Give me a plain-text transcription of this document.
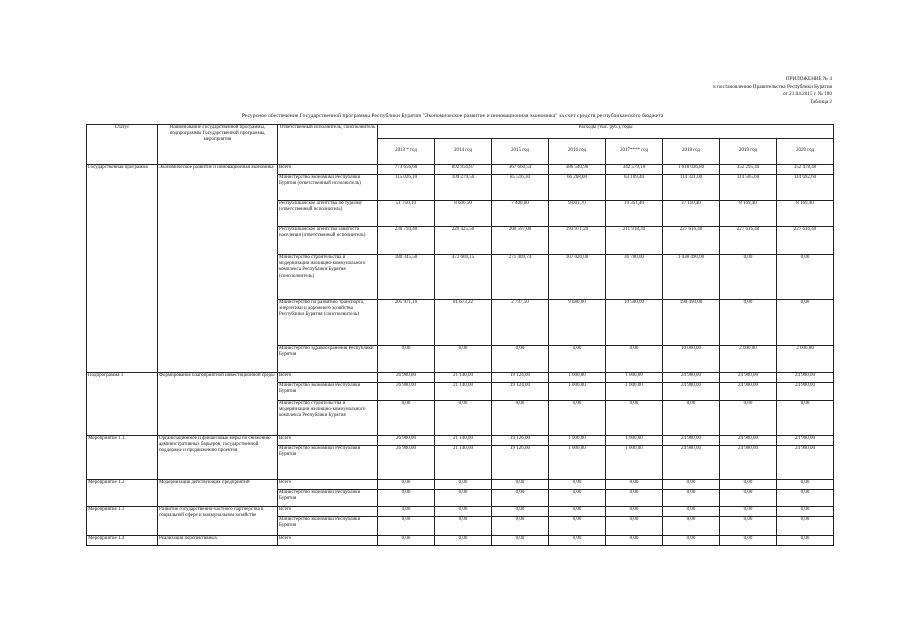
ПРИЛОЖЕНИЕ № 4
к постановлению Правительства Республики Бурятия
от 21.04.2015 г. № 180
Таблица 2
Ресурсное обеспечение Государственной программы Республики Бурятия "Экономическое развитие и инновационная экономика" за счет средств республиканского бюджета
Статус	Наименование Государственной программы, подпрограммы Государственной программы, мероприятия	Ответственный исполнитель, соисполнитель	Расходы (тыс. руб.), годы							
			2013 * год	2014 год	2015 год	2016 год	2017**** год	2018 год	2019 год	2020 год
Государственная программа	Экономическое развитие и инновационная экономика	Всего	773 656,60	892 956,87	367 660,54	386 540,90	342 579,10	1 618 036,80	352 295,40	352 478,40
		Министерство экономики Республики Бурятия (ответственный исполнитель)	115 026,10	109 279,50	85 516,30	66 268,00	63 109,40	114 321,00	114 505,60	114 692,60
		Республиканское агентство по туризму (ответственный исполнитель)	51 750,10	8 606,50	7 400,00	9 601,70	19 351,40	37 110,40	8 169,40	8 169,40
		Республиканское агентство занятости населения (ответственный исполнитель)	230 794,40	220 425,50	200 597,00	193 971,20	211 918,30	227 616,40	227 616,40	227 616,40
		Министерство строительства и модернизации жилищно-коммунального комплекса Республики Бурятия (соисполнитель)	180 345,50	472 669,15	271 409,74	107 020,00	36 700,00	1 038 490,00	0,00	0,00
		Министерство по развитию транспорта, энергетики и дорожного хозяйства Республики Бурятия (соисполнитель)	205 971,10	81 673,22	2 737,50	9 680,00	10 500,00	190 490,00	0,00	0,00
		Министерство здравоохранения Республики Бурятия	0,00	0,00	0,00	0,00	0,00	10 000,00	2 000,00	2 000,00
Подпрограмма 1	Формирование благоприятной инвестиционной среды	Всего	26 900,00	21 140,00	19 124,00	1 000,00	1 000,00	24 900,00	24 900,00	24 900,00
		Министерство экономики Республики Бурятия	26 900,00	21 140,00	19 124,00	1 000,00	1 000,00	24 900,00	24 900,00	24 900,00
		Министерство строительства и модернизации жилищно-коммунального комплекса Республики Бурятия	0,00	0,00	0,00	0,00	0,00	0,00	0,00	0,00
Мероприятие 1.1.	Организационное и финансовые меры по снижению административных барьеров, государственной поддержке и продвижению проектов	Всего	26 900,00	21 140,00	19 126,00	1 000,00	1 000,00	24 900,00	24 900,00	24 900,00
		Министерство экономики Республики Бурятия	26 900,00	21 140,00	19 126,00	1 000,00	1 000,00	24 900,00	24 900,00	24 900,00
Мероприятие 1.2	Модернизация действующих предприятий	Всего	0,00	0,00	0,00	0,00	0,00	0,00	0,00	0,00
		Министерство экономики Республики Бурятия	0,00	0,00	0,00	0,00	0,00	0,00	0,00	0,00
Мероприятие 1.3	Развитие государственно-частного партнерства в социальной сфере и коммунальном хозяйстве	Всего	0,00	0,00	0,00	0,00	0,00	0,00	0,00	0,00
		Министерство экономики Республики Бурятия	0,00	0,00	0,00	0,00	0,00	0,00	0,00	0,00
Мероприятие 1.4	Реализация перспективных	Всего	0,00	0,00	0,00	0,00	0,00	0,00	0,00	0,00
